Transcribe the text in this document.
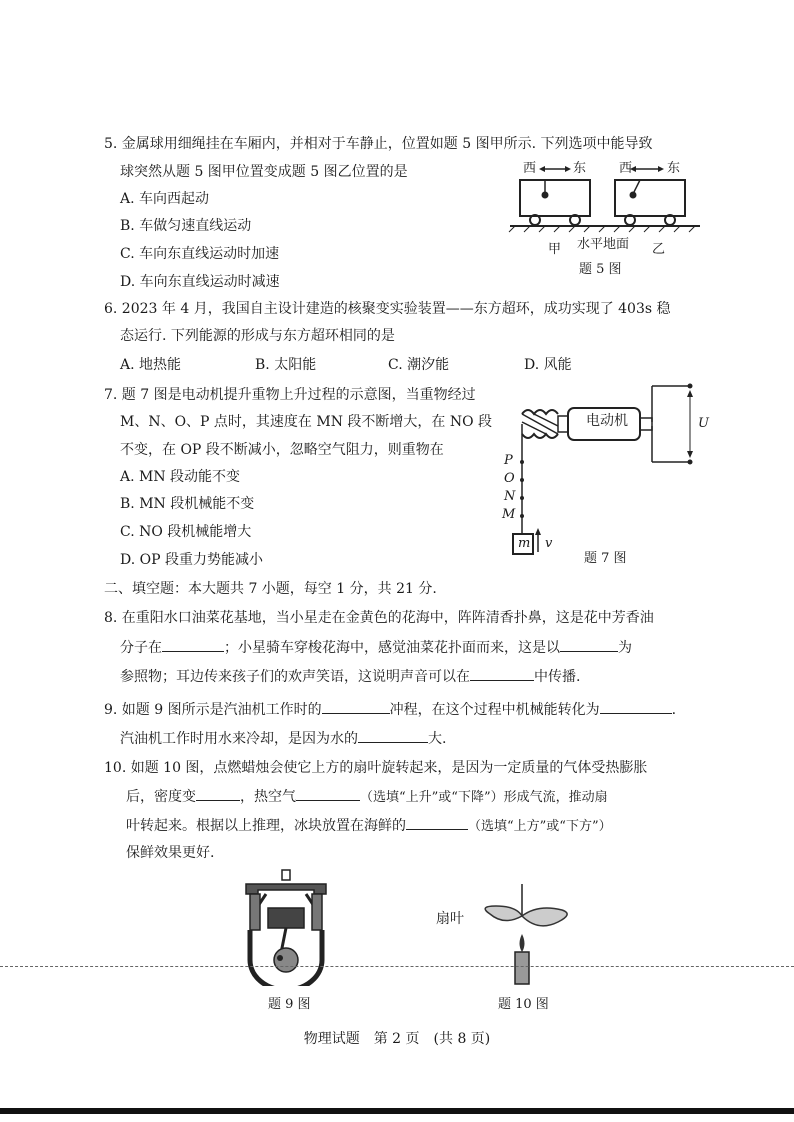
5. 金属球用细绳挂在车厢内，并相对于车静止，位置如题 5 图甲所示. 下列选项中能导致
球突然从题 5 图甲位置变成题 5 图乙位置的是
A. 车向西起动
B. 车做匀速直线运动
C. 车向东直线运动时加速
D. 车向东直线运动时减速
西	东	西	东
甲 水平地面 乙
题 5 图
6. 2023 年 4 月，我国自主设计建造的核聚变实验装置——东方超环，成功实现了 403s 稳
态运行. 下列能源的形成与东方超环相同的是
A. 地热能	B. 太阳能	C. 潮汐能	D. 风能
7. 题 7 图是电动机提升重物上升过程的示意图，当重物经过
M、N、O、P 点时，其速度在 MN 段不断增大，在 NO 段
不变，在 OP 段不断减小，忽略空气阻力，则重物在
A. MN 段动能不变
B. MN 段机械能不变
C. NO 段机械能增大
D. OP 段重力势能减小
电动机	U
P
O
N
M
m v
题 7 图
二、填空题：本大题共 7 小题，每空 1 分，共 21 分.
8. 在重阳水口油菜花基地，当小星走在金黄色的花海中，阵阵清香扑鼻，这是花中芳香油
分子在	；小星骑车穿梭花海中，感觉油菜花扑面而来，这是以	为
参照物；耳边传来孩子们的欢声笑语，这说明声音可以在	中传播.
9. 如题 9 图所示是汽油机工作时的	冲程，在这个过程中机械能转化为	.
汽油机工作时用水来冷却，是因为水的	大.
10. 如题 10 图，点燃蜡烛会使它上方的扇叶旋转起来，是因为一定质量的气体受热膨胀
后，密度变	，热空气	（选填“上升”或“下降”）形成气流，推动扇
叶转起来。根据以上推理，冰块放置在海鲜的	（选填“上方”或“下方”）
保鲜效果更好.
题 9 图
扇叶
题 10 图
物理试题　第 2 页　(共 8 页)
